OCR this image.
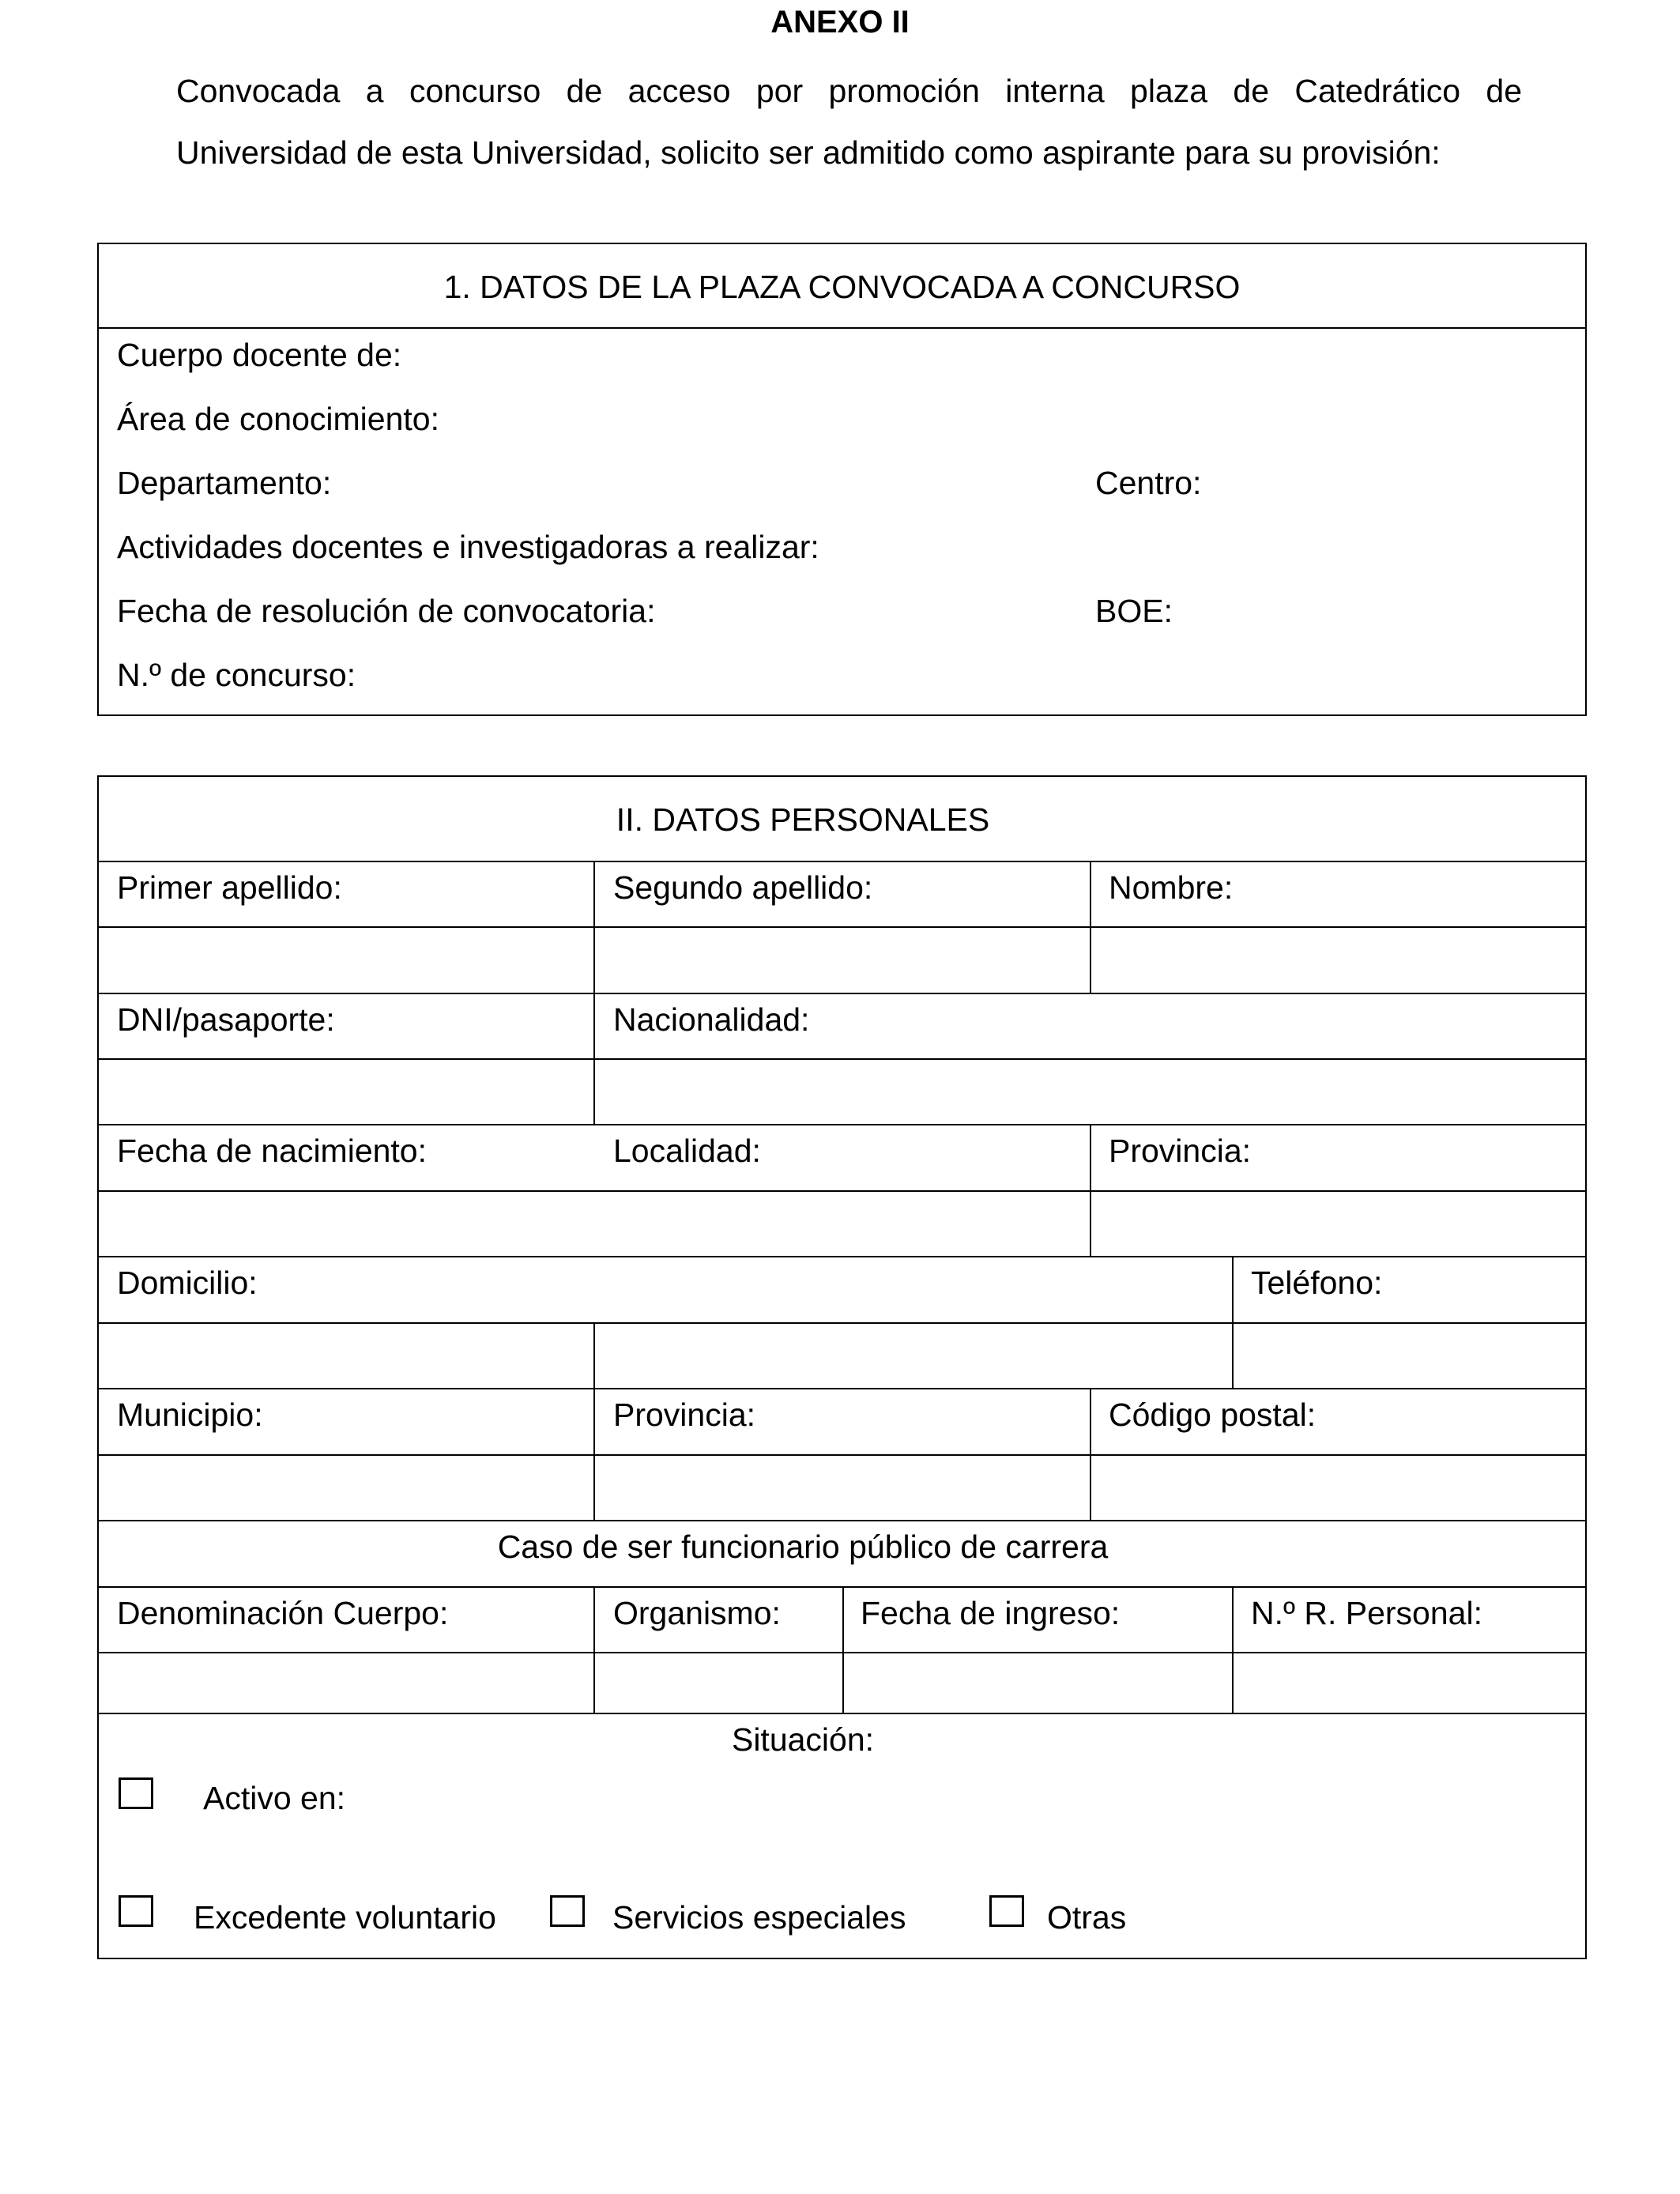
ANEXO II
Convocada a concurso de acceso por promoción interna plaza de Catedrático de
Universidad de esta Universidad, solicito ser admitido como aspirante para su provisión:
1. DATOS DE LA PLAZA CONVOCADA A CONCURSO
Cuerpo docente de:
Área de conocimiento:
Departamento:	Centro:
Actividades docentes e investigadoras a realizar:
Fecha de resolución de convocatoria:	BOE:
N.º de concurso:
II. DATOS PERSONALES
Primer apellido:	Segundo apellido:	Nombre:
DNI/pasaporte:	Nacionalidad:
Fecha de nacimiento:	Localidad:	Provincia:
Domicilio:	Teléfono:
Municipio:	Provincia:	Código postal:
Caso de ser funcionario público de carrera
Denominación Cuerpo:	Organismo: Fecha de ingreso:	N.º R. Personal:
Situación:
Activo en:
Excedente voluntario	Servicios especiales	Otras
